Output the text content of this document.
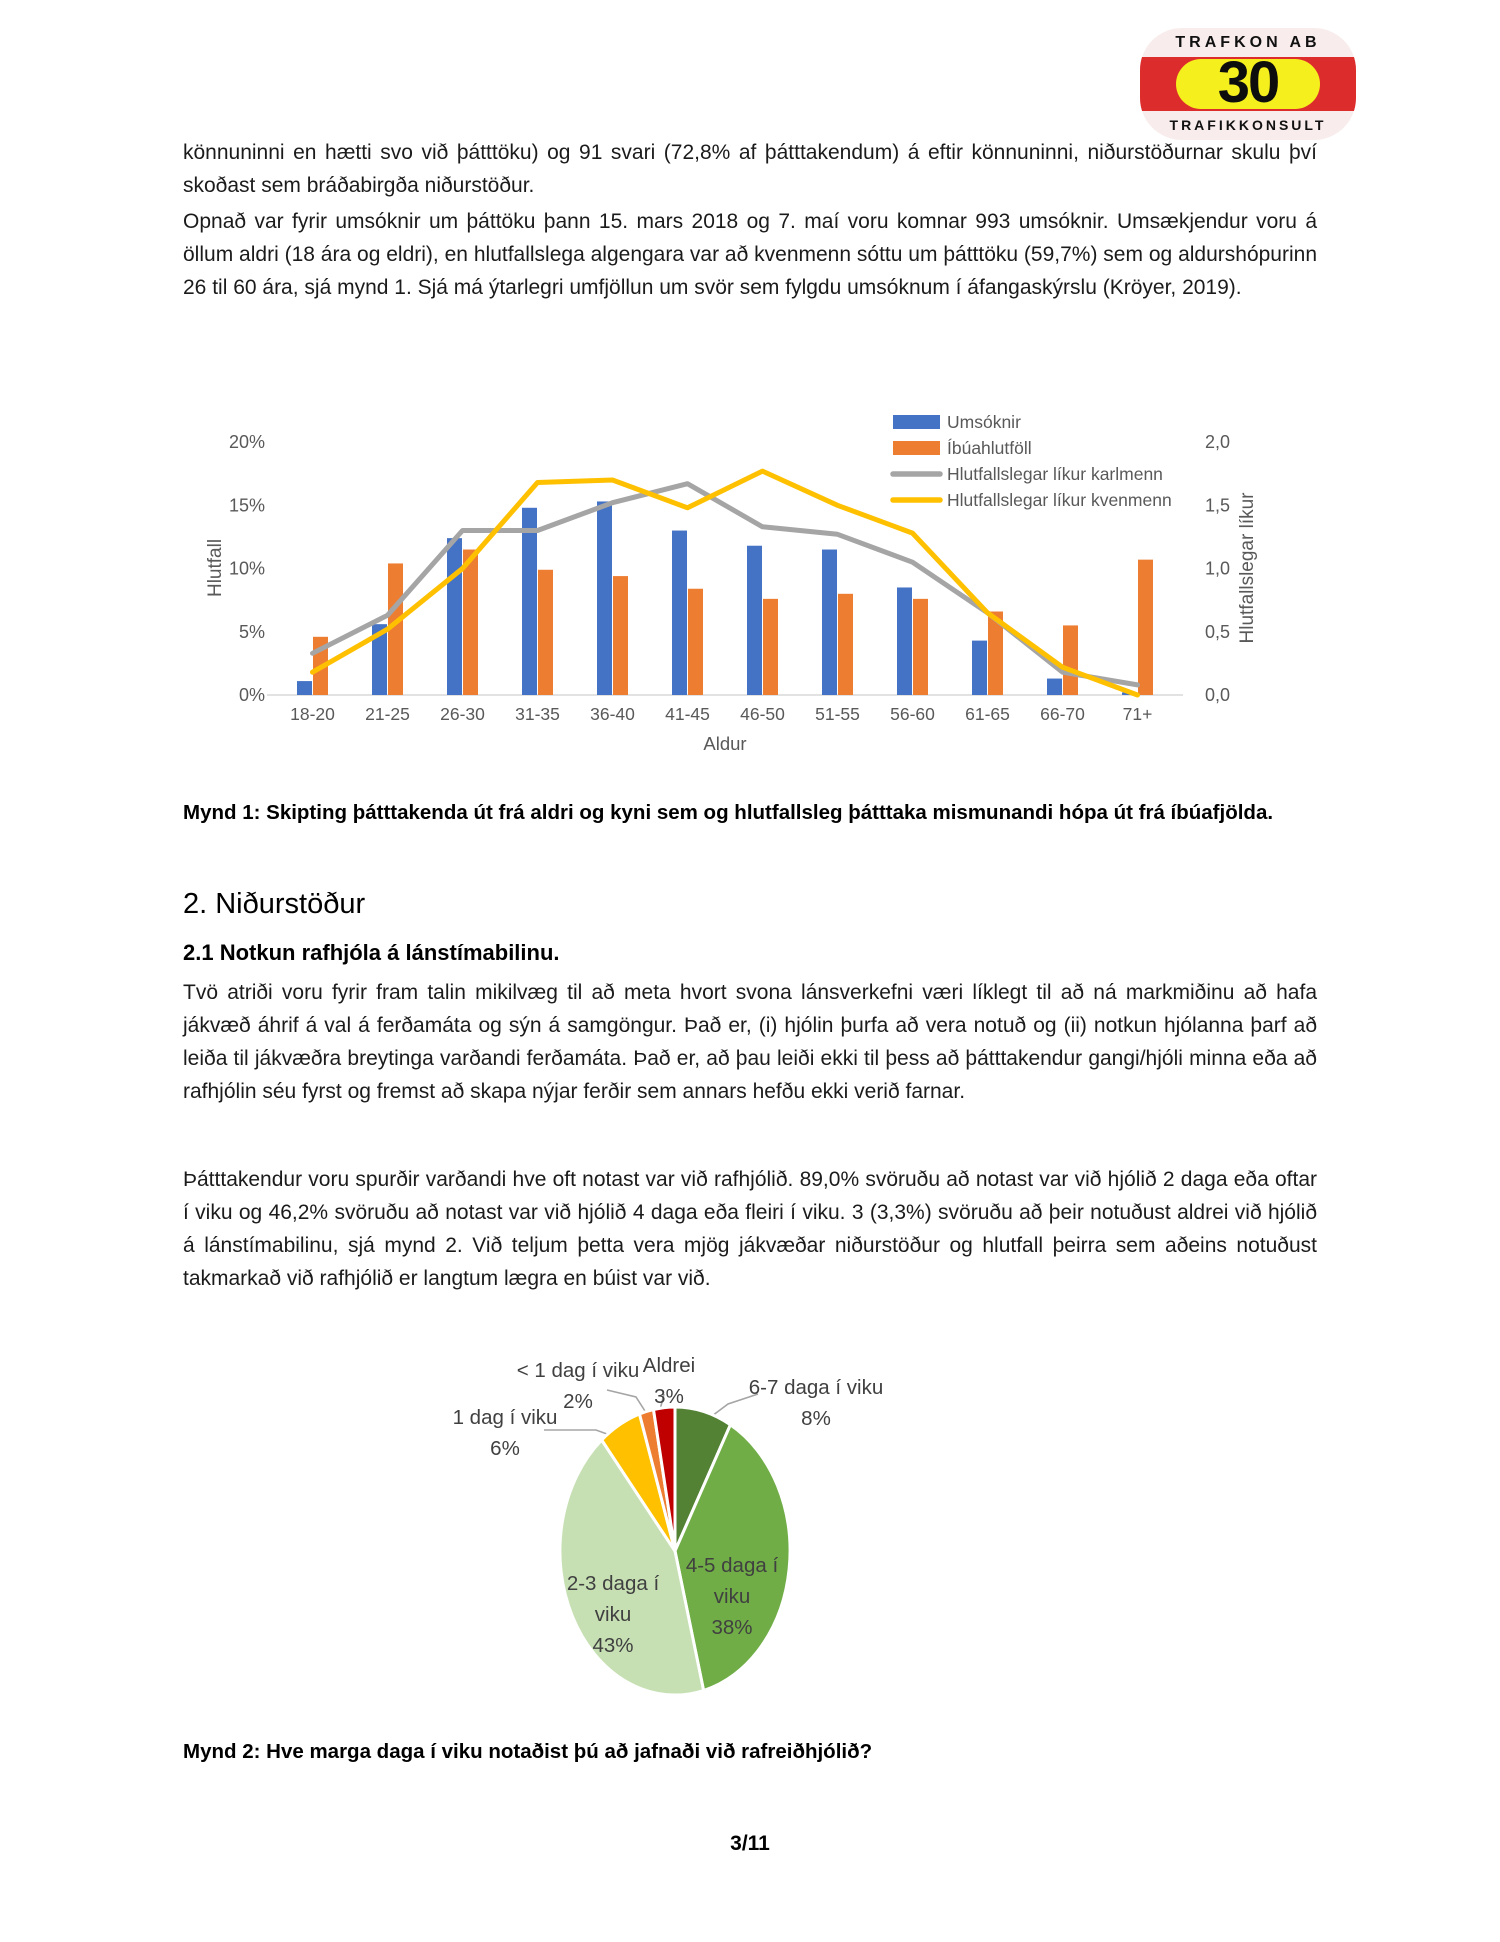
30
TRAFKON AB
TRAFIKKONSULT
könnuninni en hætti svo við þátttöku) og 91 svari (72,8% af þátttakendum) á eftir könnuninni, niðurstöðurnar skulu því skoðast sem bráðabirgða niðurstöður.
Opnað var fyrir umsóknir um þáttöku þann 15. mars 2018 og 7. maí voru komnar 993 umsóknir. Umsækjendur voru á öllum aldri (18 ára og eldri), en hlutfallslega algengara var að kvenmenn sóttu um þátttöku (59,7%) sem og aldurshópurinn 26 til 60 ára, sjá mynd 1. Sjá má ýtarlegri umfjöllun um svör sem fylgdu umsóknum í áfangaskýrslu (Kröyer, 2019).
0%
5%
10%
15%
20%
0,0
0,5
1,0
1,5
2,0
18-20 21-25 26-30 31-35 36-40 41-45 46-50 51-55 56-60 61-65 66-70 71+
Hlutfall	Hlutfallslegar líkur
Aldur
Umsóknir
Íbúahlutföll
Hlutfallslegar líkur karlmenn
Hlutfallslegar líkur kvenmenn
Mynd 1: Skipting þátttakenda út frá aldri og kyni sem og hlutfallsleg þátttaka mismunandi hópa út frá íbúafjölda.
2. Niðurstöður
2.1 Notkun rafhjóla á lánstímabilinu.
Tvö atriði voru fyrir fram talin mikilvæg til að meta hvort svona lánsverkefni væri líklegt til að ná markmiðinu að hafa jákvæð áhrif á val á ferðamáta og sýn á samgöngur. Það er, (i) hjólin þurfa að vera notuð og (ii) notkun hjólanna þarf að leiða til jákvæðra breytinga varðandi ferðamáta. Það er, að þau leiði ekki til þess að þátttakendur gangi/hjóli minna eða að rafhjólin séu fyrst og fremst að skapa nýjar ferðir sem annars hefðu ekki verið farnar.
Þátttakendur voru spurðir varðandi hve oft notast var við rafhjólið. 89,0% svöruðu að notast var við hjólið 2 daga eða oftar í viku og 46,2% svöruðu að notast var við hjólið 4 daga eða fleiri í viku. 3 (3,3%) svöruðu að þeir notuðust aldrei við hjólið á lánstímabilinu, sjá mynd 2. Við teljum þetta vera mjög jákvæðar niðurstöður og hlutfall þeirra sem aðeins notuðust takmarkað við rafhjólið er langtum lægra en búist var við.
6-7 daga í viku
8%
4-5 daga í
viku
38%
2-3 daga í
viku
43%
1 dag í viku
6%
< 1 dag í viku
2%
Aldrei
3%
Mynd 2: Hve marga daga í viku notaðist þú að jafnaði við rafreiðhjólið?
3/11
